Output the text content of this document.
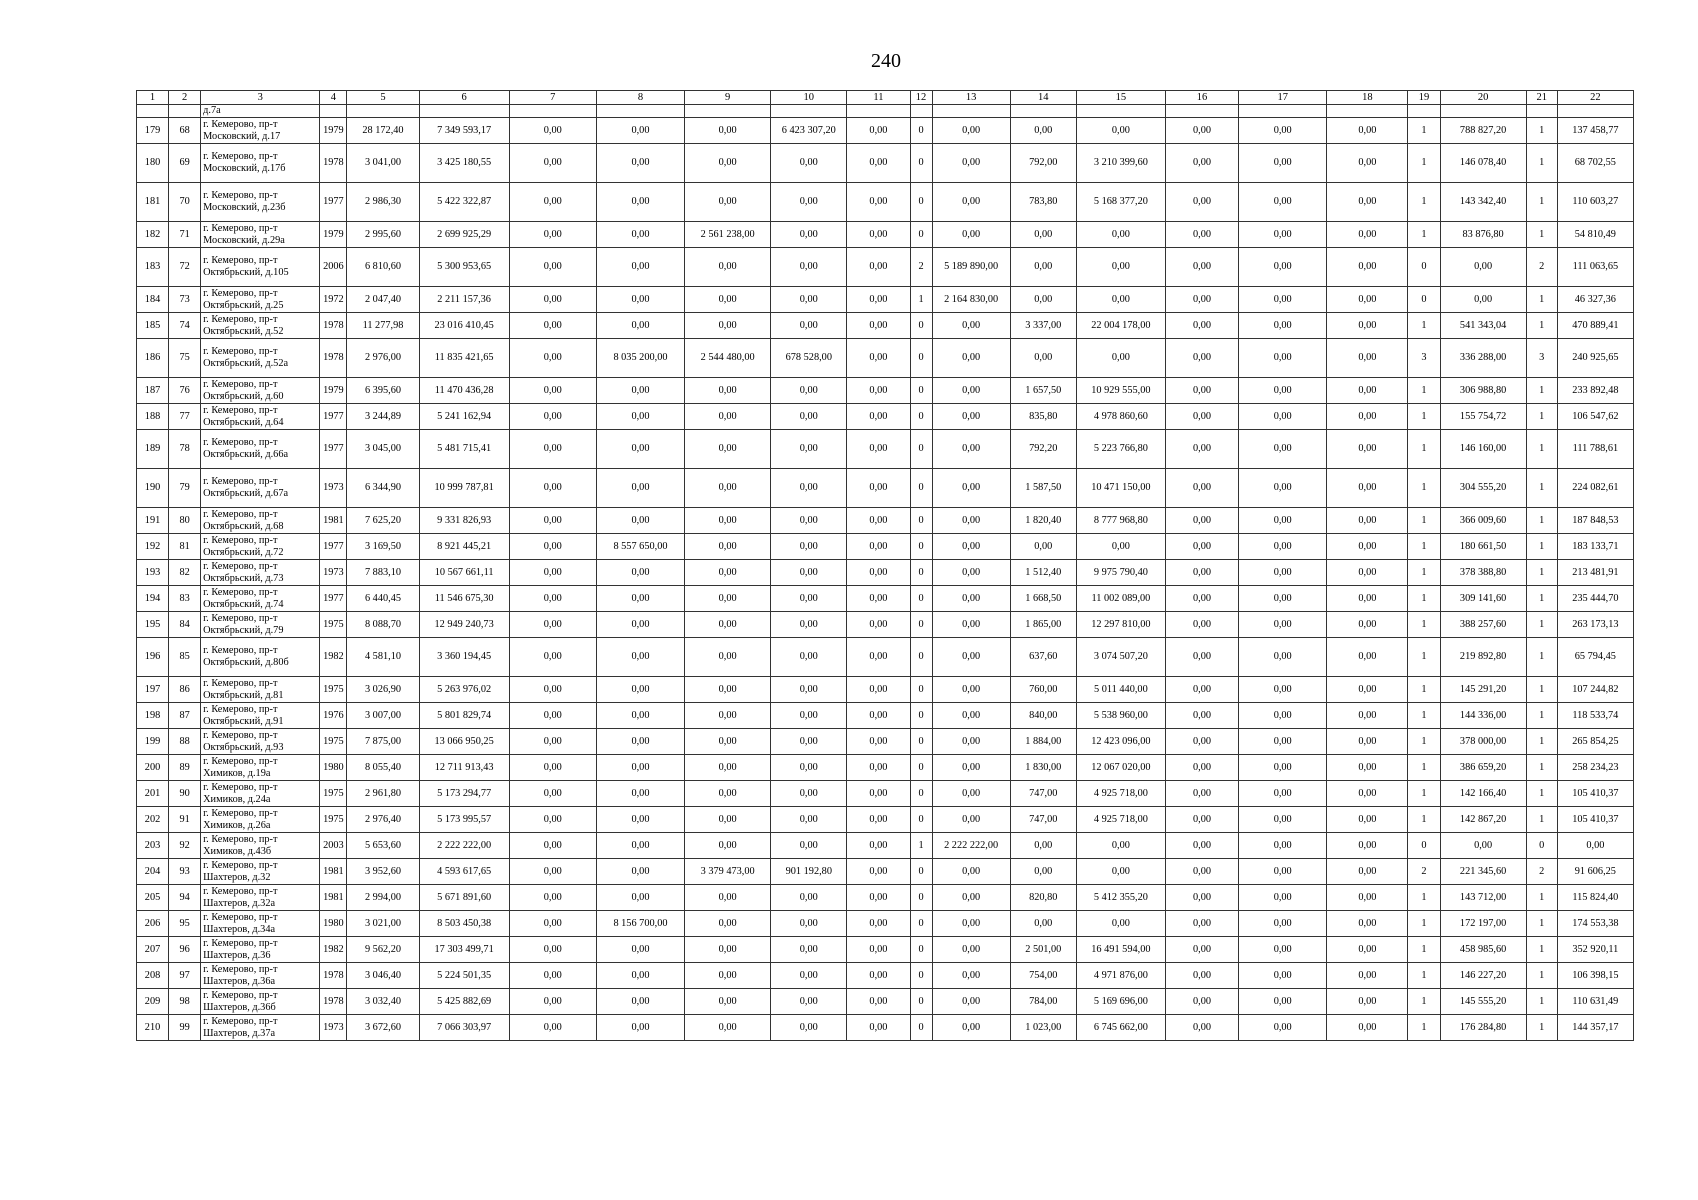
240
1	2	3	4	5	6	7	8	9	10	11	12	13	14	15	16	17	18	19	20	21	22
		д.7а																			
179	68	г. Кемерово, пр-т Московский, д.17	1979	28 172,40	7 349 593,17	0,00	0,00	0,00	6 423 307,20	0,00	0	0,00	0,00	0,00	0,00	0,00	0,00	1	788 827,20	1	137 458,77
180	69	г. Кемерово, пр-т Московский, д.17б	1978	3 041,00	3 425 180,55	0,00	0,00	0,00	0,00	0,00	0	0,00	792,00	3 210 399,60	0,00	0,00	0,00	1	146 078,40	1	68 702,55
181	70	г. Кемерово, пр-т Московский, д.23б	1977	2 986,30	5 422 322,87	0,00	0,00	0,00	0,00	0,00	0	0,00	783,80	5 168 377,20	0,00	0,00	0,00	1	143 342,40	1	110 603,27
182	71	г. Кемерово, пр-т Московский, д.29а	1979	2 995,60	2 699 925,29	0,00	0,00	2 561 238,00	0,00	0,00	0	0,00	0,00	0,00	0,00	0,00	0,00	1	83 876,80	1	54 810,49
183	72	г. Кемерово, пр-т Октябрьский, д.105	2006	6 810,60	5 300 953,65	0,00	0,00	0,00	0,00	0,00	2	5 189 890,00	0,00	0,00	0,00	0,00	0,00	0	0,00	2	111 063,65
184	73	г. Кемерово, пр-т Октябрьский, д.25	1972	2 047,40	2 211 157,36	0,00	0,00	0,00	0,00	0,00	1	2 164 830,00	0,00	0,00	0,00	0,00	0,00	0	0,00	1	46 327,36
185	74	г. Кемерово, пр-т Октябрьский, д.52	1978	11 277,98	23 016 410,45	0,00	0,00	0,00	0,00	0,00	0	0,00	3 337,00	22 004 178,00	0,00	0,00	0,00	1	541 343,04	1	470 889,41
186	75	г. Кемерово, пр-т Октябрьский, д.52а	1978	2 976,00	11 835 421,65	0,00	8 035 200,00	2 544 480,00	678 528,00	0,00	0	0,00	0,00	0,00	0,00	0,00	0,00	3	336 288,00	3	240 925,65
187	76	г. Кемерово, пр-т Октябрьский, д.60	1979	6 395,60	11 470 436,28	0,00	0,00	0,00	0,00	0,00	0	0,00	1 657,50	10 929 555,00	0,00	0,00	0,00	1	306 988,80	1	233 892,48
188	77	г. Кемерово, пр-т Октябрьский, д.64	1977	3 244,89	5 241 162,94	0,00	0,00	0,00	0,00	0,00	0	0,00	835,80	4 978 860,60	0,00	0,00	0,00	1	155 754,72	1	106 547,62
189	78	г. Кемерово, пр-т Октябрьский, д.66а	1977	3 045,00	5 481 715,41	0,00	0,00	0,00	0,00	0,00	0	0,00	792,20	5 223 766,80	0,00	0,00	0,00	1	146 160,00	1	111 788,61
190	79	г. Кемерово, пр-т Октябрьский, д.67а	1973	6 344,90	10 999 787,81	0,00	0,00	0,00	0,00	0,00	0	0,00	1 587,50	10 471 150,00	0,00	0,00	0,00	1	304 555,20	1	224 082,61
191	80	г. Кемерово, пр-т Октябрьский, д.68	1981	7 625,20	9 331 826,93	0,00	0,00	0,00	0,00	0,00	0	0,00	1 820,40	8 777 968,80	0,00	0,00	0,00	1	366 009,60	1	187 848,53
192	81	г. Кемерово, пр-т Октябрьский, д.72	1977	3 169,50	8 921 445,21	0,00	8 557 650,00	0,00	0,00	0,00	0	0,00	0,00	0,00	0,00	0,00	0,00	1	180 661,50	1	183 133,71
193	82	г. Кемерово, пр-т Октябрьский, д.73	1973	7 883,10	10 567 661,11	0,00	0,00	0,00	0,00	0,00	0	0,00	1 512,40	9 975 790,40	0,00	0,00	0,00	1	378 388,80	1	213 481,91
194	83	г. Кемерово, пр-т Октябрьский, д.74	1977	6 440,45	11 546 675,30	0,00	0,00	0,00	0,00	0,00	0	0,00	1 668,50	11 002 089,00	0,00	0,00	0,00	1	309 141,60	1	235 444,70
195	84	г. Кемерово, пр-т Октябрьский, д.79	1975	8 088,70	12 949 240,73	0,00	0,00	0,00	0,00	0,00	0	0,00	1 865,00	12 297 810,00	0,00	0,00	0,00	1	388 257,60	1	263 173,13
196	85	г. Кемерово, пр-т Октябрьский, д.80б	1982	4 581,10	3 360 194,45	0,00	0,00	0,00	0,00	0,00	0	0,00	637,60	3 074 507,20	0,00	0,00	0,00	1	219 892,80	1	65 794,45
197	86	г. Кемерово, пр-т Октябрьский, д.81	1975	3 026,90	5 263 976,02	0,00	0,00	0,00	0,00	0,00	0	0,00	760,00	5 011 440,00	0,00	0,00	0,00	1	145 291,20	1	107 244,82
198	87	г. Кемерово, пр-т Октябрьский, д.91	1976	3 007,00	5 801 829,74	0,00	0,00	0,00	0,00	0,00	0	0,00	840,00	5 538 960,00	0,00	0,00	0,00	1	144 336,00	1	118 533,74
199	88	г. Кемерово, пр-т Октябрьский, д.93	1975	7 875,00	13 066 950,25	0,00	0,00	0,00	0,00	0,00	0	0,00	1 884,00	12 423 096,00	0,00	0,00	0,00	1	378 000,00	1	265 854,25
200	89	г. Кемерово, пр-т Химиков, д.19а	1980	8 055,40	12 711 913,43	0,00	0,00	0,00	0,00	0,00	0	0,00	1 830,00	12 067 020,00	0,00	0,00	0,00	1	386 659,20	1	258 234,23
201	90	г. Кемерово, пр-т Химиков, д.24а	1975	2 961,80	5 173 294,77	0,00	0,00	0,00	0,00	0,00	0	0,00	747,00	4 925 718,00	0,00	0,00	0,00	1	142 166,40	1	105 410,37
202	91	г. Кемерово, пр-т Химиков, д.26а	1975	2 976,40	5 173 995,57	0,00	0,00	0,00	0,00	0,00	0	0,00	747,00	4 925 718,00	0,00	0,00	0,00	1	142 867,20	1	105 410,37
203	92	г. Кемерово, пр-т Химиков, д.43б	2003	5 653,60	2 222 222,00	0,00	0,00	0,00	0,00	0,00	1	2 222 222,00	0,00	0,00	0,00	0,00	0,00	0	0,00	0	0,00
204	93	г. Кемерово, пр-т Шахтеров, д.32	1981	3 952,60	4 593 617,65	0,00	0,00	3 379 473,00	901 192,80	0,00	0	0,00	0,00	0,00	0,00	0,00	0,00	2	221 345,60	2	91 606,25
205	94	г. Кемерово, пр-т Шахтеров, д.32а	1981	2 994,00	5 671 891,60	0,00	0,00	0,00	0,00	0,00	0	0,00	820,80	5 412 355,20	0,00	0,00	0,00	1	143 712,00	1	115 824,40
206	95	г. Кемерово, пр-т Шахтеров, д.34а	1980	3 021,00	8 503 450,38	0,00	8 156 700,00	0,00	0,00	0,00	0	0,00	0,00	0,00	0,00	0,00	0,00	1	172 197,00	1	174 553,38
207	96	г. Кемерово, пр-т Шахтеров, д.36	1982	9 562,20	17 303 499,71	0,00	0,00	0,00	0,00	0,00	0	0,00	2 501,00	16 491 594,00	0,00	0,00	0,00	1	458 985,60	1	352 920,11
208	97	г. Кемерово, пр-т Шахтеров, д.36а	1978	3 046,40	5 224 501,35	0,00	0,00	0,00	0,00	0,00	0	0,00	754,00	4 971 876,00	0,00	0,00	0,00	1	146 227,20	1	106 398,15
209	98	г. Кемерово, пр-т Шахтеров, д.36б	1978	3 032,40	5 425 882,69	0,00	0,00	0,00	0,00	0,00	0	0,00	784,00	5 169 696,00	0,00	0,00	0,00	1	145 555,20	1	110 631,49
210	99	г. Кемерово, пр-т Шахтеров, д.37а	1973	3 672,60	7 066 303,97	0,00	0,00	0,00	0,00	0,00	0	0,00	1 023,00	6 745 662,00	0,00	0,00	0,00	1	176 284,80	1	144 357,17
